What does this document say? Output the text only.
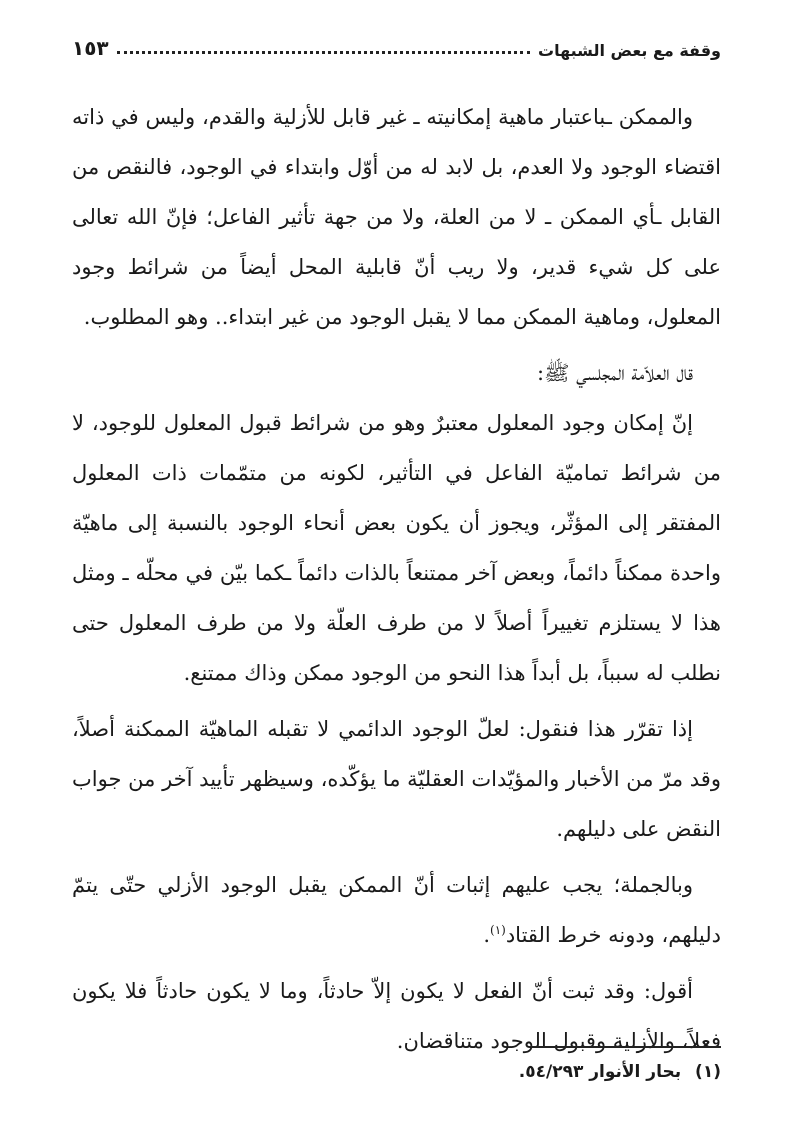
وقفة مع بعض الشبهات
١٥٣

والممكن ـباعتبار ماهية إمكانيته ـ غير قابل للأزلية والقدم، وليس في ذاته اقتضاء الوجود ولا العدم، بل لابد له من أوّل وابتداء في الوجود، فالنقص من القابل ـأي الممكن ـ لا من العلة، ولا من جهة تأثير الفاعل؛ فإنّ الله تعالى على كل شيء قدير، ولا ريب أنّ قابلية المحل أيضاً من شرائط وجود المعلول، وماهية الممكن مما لا يقبل الوجود من غير ابتداء.. وهو المطلوب.

قال العلاّمة المجلسي ﷺ:

إنّ إمكان وجود المعلول معتبرٌ وهو من شرائط قبول المعلول للوجود، لا من شرائط تماميّة الفاعل في التأثير، لكونه من متمّمات ذات المعلول المفتقر إلى المؤثّر، ويجوز أن يكون بعض أنحاء الوجود بالنسبة إلى ماهيّة واحدة ممكناً دائماً، وبعض آخر ممتنعاً بالذات دائماً ـكما بيّن في محلّه ـ ومثل هذا لا يستلزم تغييراً أصلاً لا من طرف العلّة ولا من طرف المعلول حتى نطلب له سبباً، بل أبداً هذا النحو من الوجود ممكن وذاك ممتنع.

إذا تقرّر هذا فنقول: لعلّ الوجود الدائمي لا تقبله الماهيّة الممكنة أصلاً، وقد مرّ من الأخبار والمؤيّدات العقليّة ما يؤكّده، وسيظهر تأييد آخر من جواب النقض على دليلهم.

وبالجملة؛ يجب عليهم إثبات أنّ الممكن يقبل الوجود الأزلي حتّى يتمّ دليلهم، ودونه خرط القتاد$^{(١)}$.

أقول: وقد ثبت أنّ الفعل لا يكون إلاّ حادثاً، وما لا يكون حادثاً فلا يكون فعلاً، والأزلية وقبول الوجود متناقضان.

(١) بحار الأنوار ٥٤/٢٩٣.
